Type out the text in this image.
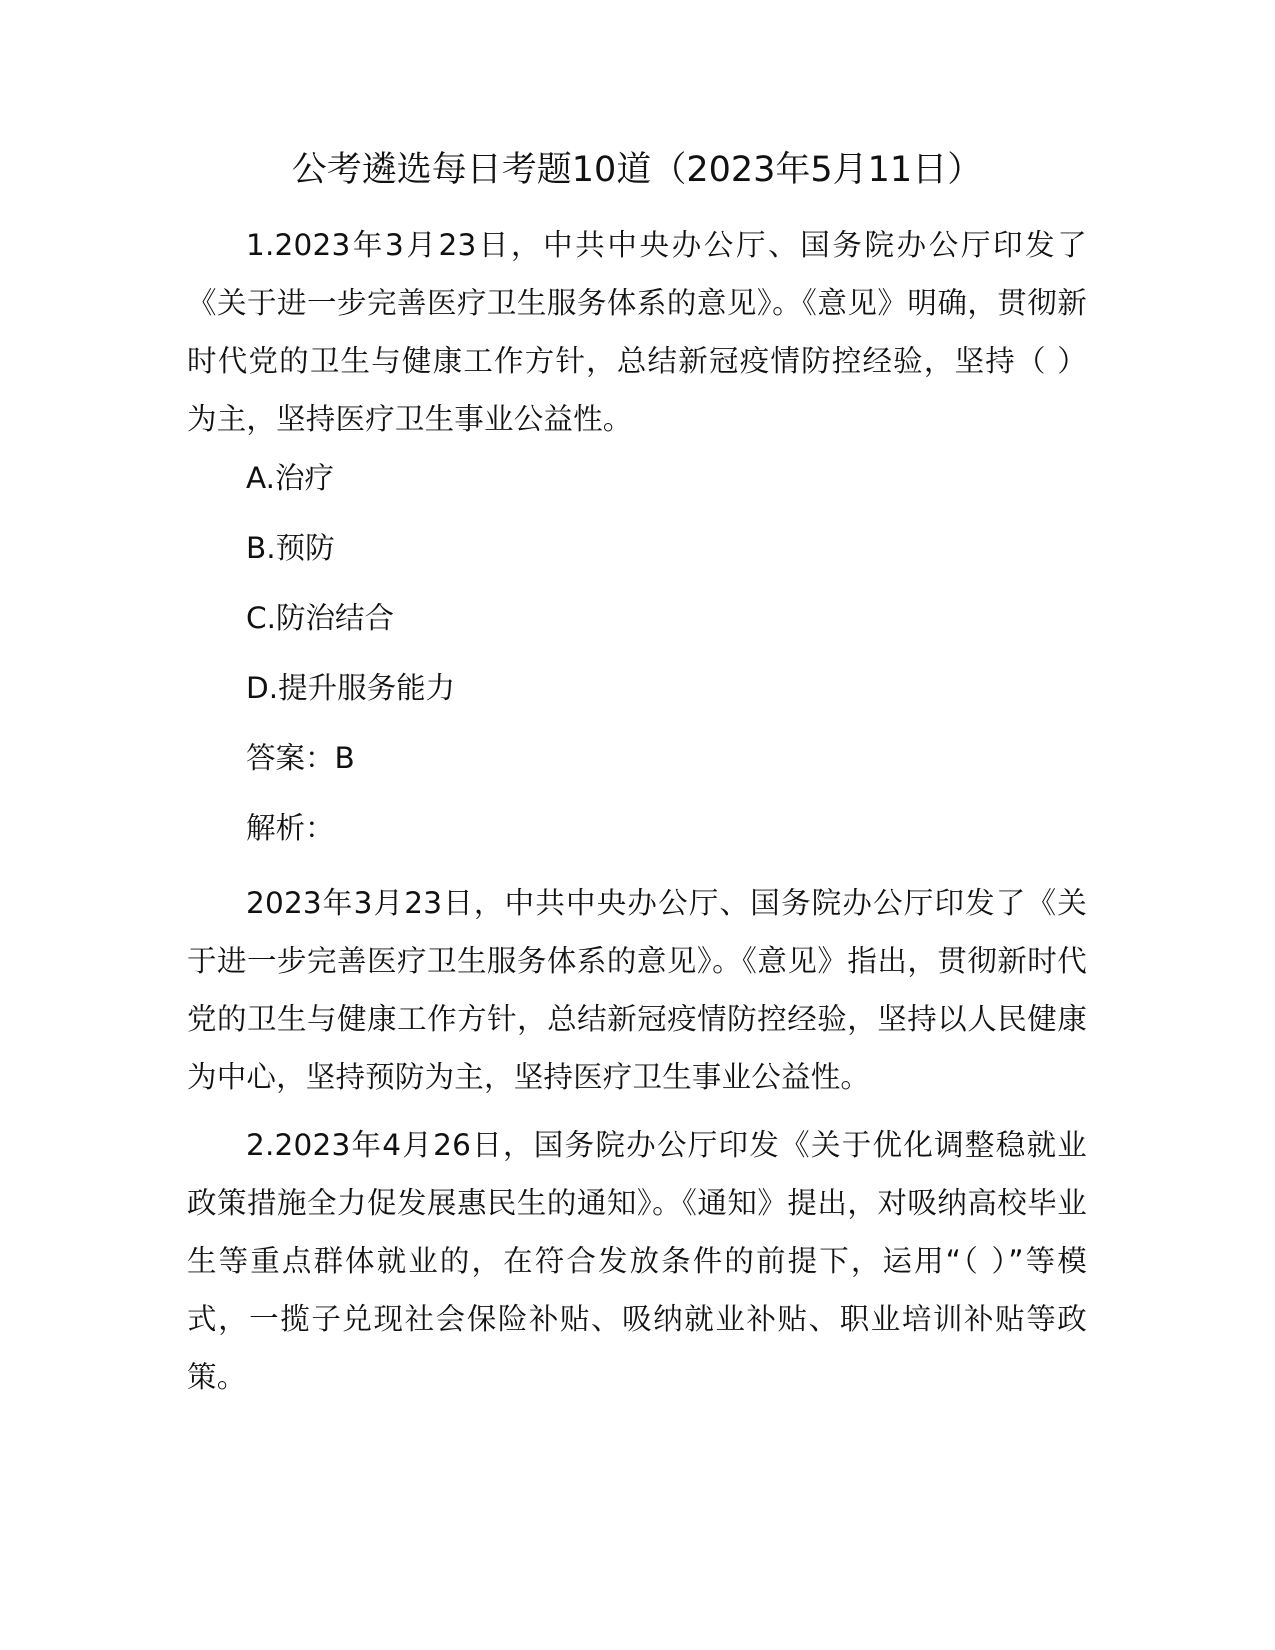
公考遴选每日考题10道（2023年5月11日）

1.2023年3月23日，中共中央办公厅、国务院办公厅印发了《关于进一步完善医疗卫生服务体系的意见》。《意见》明确，贯彻新时代党的卫生与健康工作方针，总结新冠疫情防控经验，坚持（ ）为主，坚持医疗卫生事业公益性。

A.治疗
B.预防
C.防治结合
D.提升服务能力
答案：B
解析：

2023年3月23日，中共中央办公厅、国务院办公厅印发了《关于进一步完善医疗卫生服务体系的意见》。《意见》指出，贯彻新时代党的卫生与健康工作方针，总结新冠疫情防控经验，坚持以人民健康为中心，坚持预防为主，坚持医疗卫生事业公益性。

2.2023年4月26日，国务院办公厅印发《关于优化调整稳就业政策措施全力促发展惠民生的通知》。《通知》提出，对吸纳高校毕业生等重点群体就业的，在符合发放条件的前提下，运用“（ ）”等模式，一揽子兑现社会保险补贴、吸纳就业补贴、职业培训补贴等政策。
